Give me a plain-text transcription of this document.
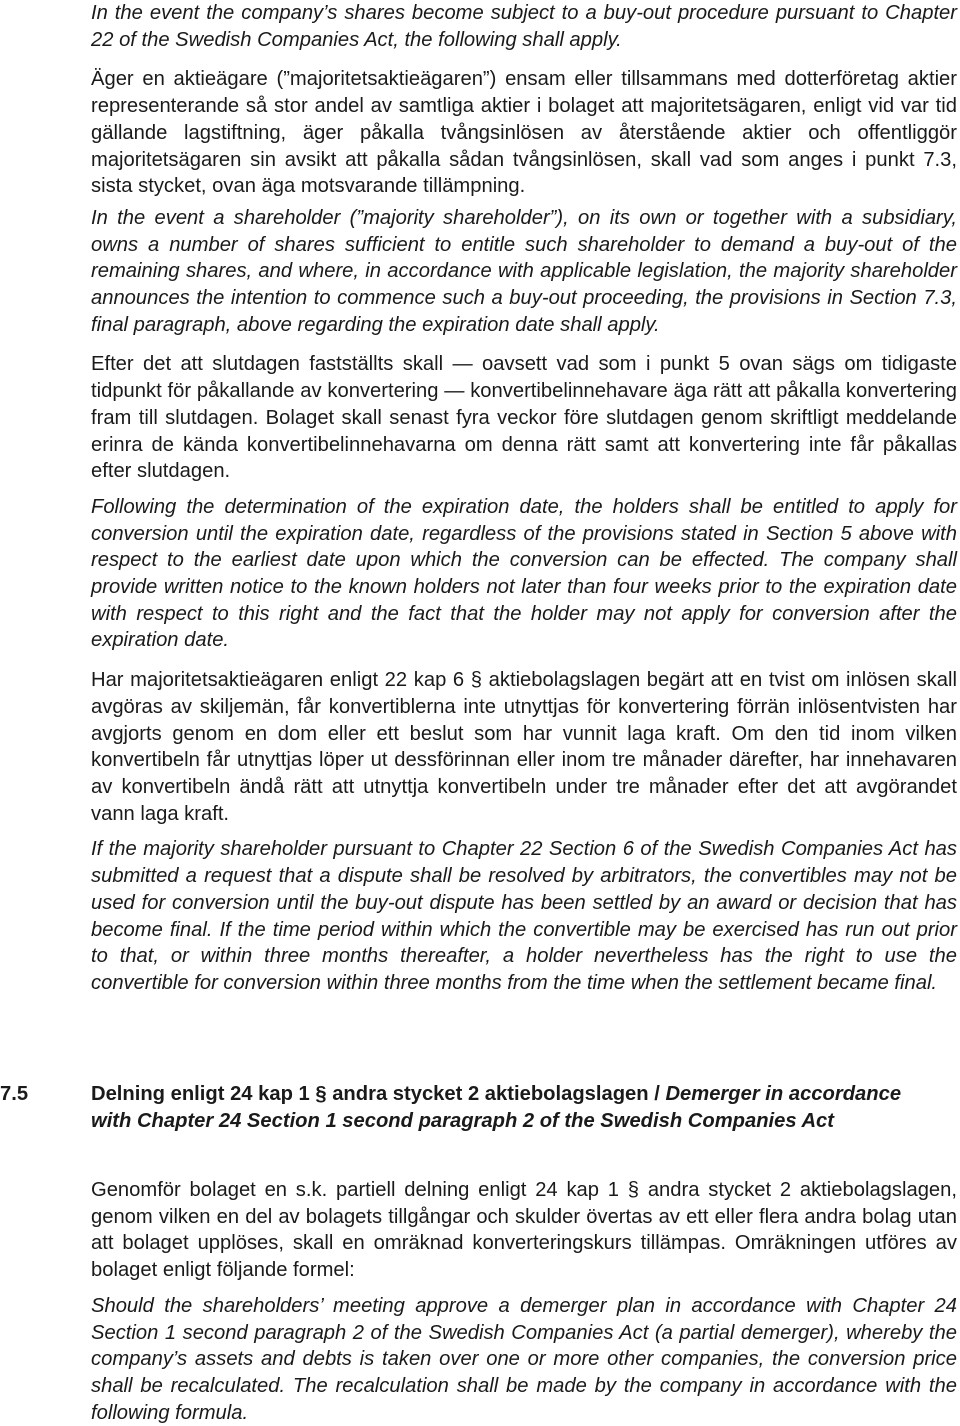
In the event the company’s shares become subject to a buy-out procedure pursuant to Chapter 22 of the Swedish Companies Act, the following shall apply.

Äger en aktieägare (”majoritetsaktieägaren”) ensam eller tillsammans med dotterföretag aktier representerande så stor andel av samtliga aktier i bolaget att majoritetsägaren, enligt vid var tid gällande lagstiftning, äger påkalla tvångsinlösen av återstående aktier och offentliggör majoritetsägaren sin avsikt att påkalla sådan tvångsinlösen, skall vad som anges i punkt 7.3, sista stycket, ovan äga motsvarande tillämpning.

In the event a shareholder (”majority shareholder”), on its own or together with a subsidiary, owns a number of shares sufficient to entitle such shareholder to demand a buy-out of the remaining shares, and where, in accordance with applicable legislation, the majority shareholder announces the intention to commence such a buy-out proceeding, the provisions in Section 7.3, final paragraph, above regarding the expiration date shall apply.

Efter det att slutdagen fastställts skall — oavsett vad som i punkt 5 ovan sägs om tidigaste tidpunkt för påkallande av konvertering — konvertibelinnehavare äga rätt att påkalla konvertering fram till slutdagen. Bolaget skall senast fyra veckor före slutdagen genom skriftligt meddelande erinra de kända konvertibelinnehavarna om denna rätt samt att konvertering inte får påkallas efter slutdagen.

Following the determination of the expiration date, the holders shall be entitled to apply for conversion until the expiration date, regardless of the provisions stated in Section 5 above with respect to the earliest date upon which the conversion can be effected. The company shall provide written notice to the known holders not later than four weeks prior to the expiration date with respect to this right and the fact that the holder may not apply for conversion after the expiration date.

Har majoritetsaktieägaren enligt 22 kap 6 § aktiebolagslagen begärt att en tvist om inlösen skall avgöras av skiljemän, får konvertiblerna inte utnyttjas för konvertering förrän inlösentvisten har avgjorts genom en dom eller ett beslut som har vunnit laga kraft. Om den tid inom vilken konvertibeln får utnyttjas löper ut dessförinnan eller inom tre månader därefter, har innehavaren av konvertibeln ändå rätt att utnyttja konvertibeln under tre månader efter det att avgörandet vann laga kraft.

If the majority shareholder pursuant to Chapter 22 Section 6 of the Swedish Companies Act has submitted a request that a dispute shall be resolved by arbitrators, the convertibles may not be used for conversion until the buy-out dispute has been settled by an award or decision that has become final. If the time period within which the convertible may be exercised has run out prior to that, or within three months thereafter, a holder nevertheless has the right to use the convertible for conversion within three months from the time when the settlement became final.

7.5	Delning enligt 24 kap 1 § andra stycket 2 aktiebolagslagen / Demerger in accordance with Chapter 24 Section 1 second paragraph 2 of the Swedish Companies Act

Genomför bolaget en s.k. partiell delning enligt 24 kap 1 § andra stycket 2 aktiebolagslagen, genom vilken en del av bolagets tillgångar och skulder övertas av ett eller flera andra bolag utan att bolaget upplöses, skall en omräknad konverteringskurs tillämpas. Omräkningen utföres av bolaget enligt följande formel:

Should the shareholders’ meeting approve a demerger plan in accordance with Chapter 24 Section 1 second paragraph 2 of the Swedish Companies Act (a partial demerger), whereby the company’s assets and debts is taken over one or more other companies, the conversion price shall be recalculated. The recalculation shall be made by the company in accordance with the following formula.
